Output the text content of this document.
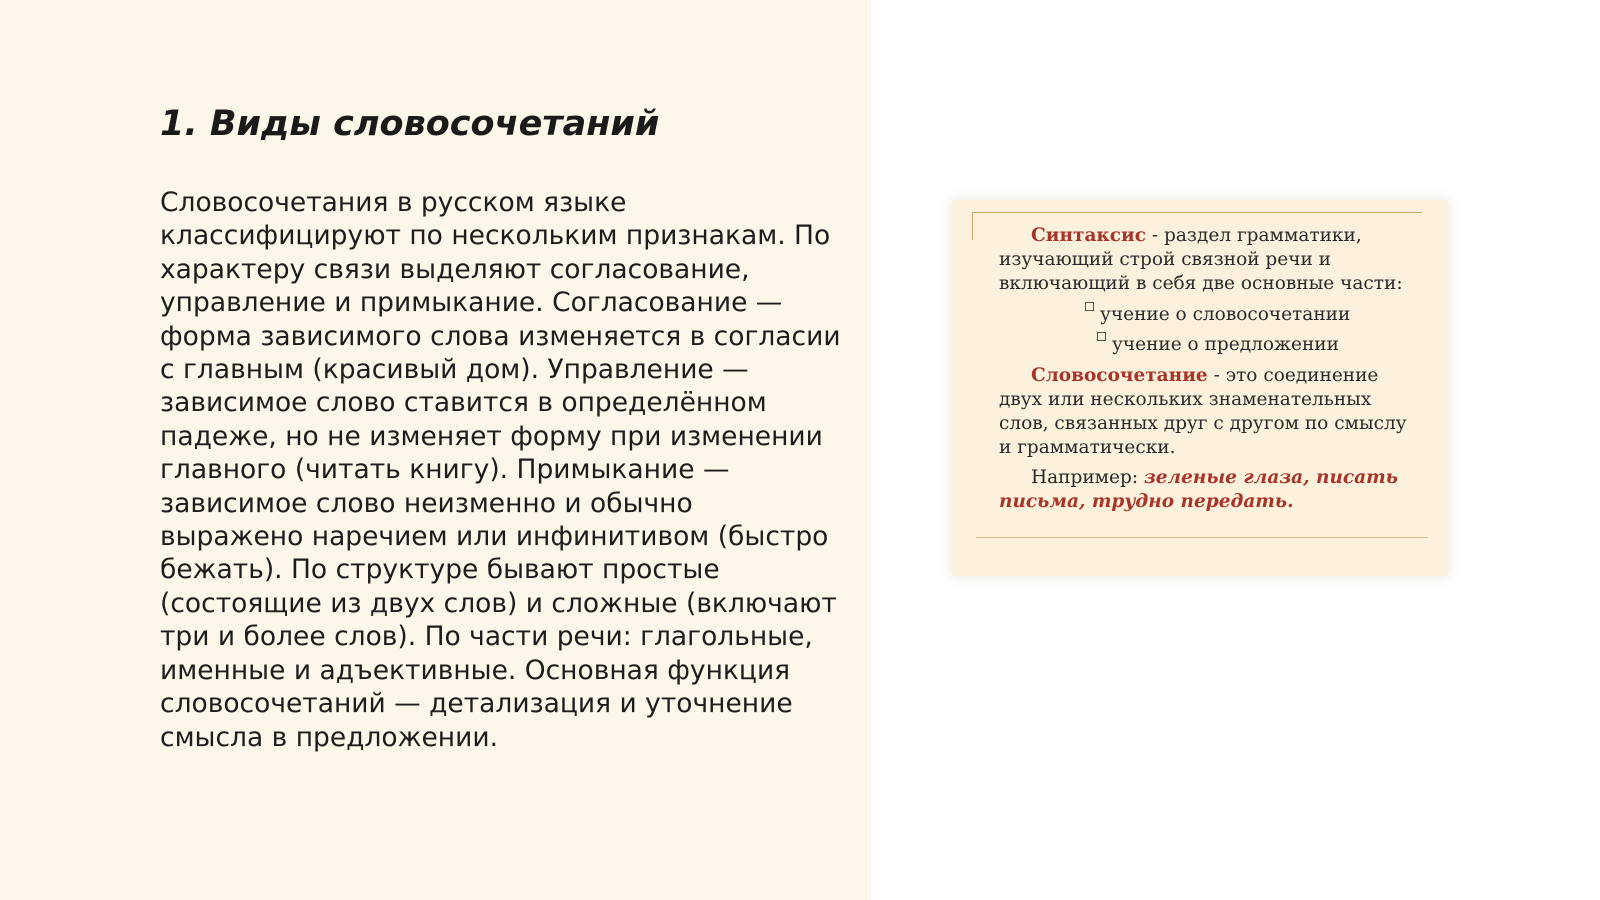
1. Виды словосочетаний
Словосочетания в русском языке
классифицируют по нескольким признакам. По
характеру связи выделяют согласование,
управление и примыкание. Согласование —
форма зависимого слова изменяется в согласии
с главным (красивый дом). Управление —
зависимое слово ставится в определённом
падеже, но не изменяет форму при изменении
главного (читать книгу). Примыкание —
зависимое слово неизменно и обычно
выражено наречием или инфинитивом (быстро
бежать). По структуре бывают простые
(состоящие из двух слов) и сложные (включают
три и более слов). По части речи: глагольные,
именные и адъективные. Основная функция
словосочетаний — детализация и уточнение
смысла в предложении.

Синтаксис - раздел грамматики, изучающий строй связной речи и включающий в себя две основные части:

учение о словосочетании
учение о предложении

Словосочетание - это соединение двух или нескольких знаменательных слов, связанных друг с другом по смыслу и грамматически.

Например: зеленые глаза, писать письма, трудно передать.
